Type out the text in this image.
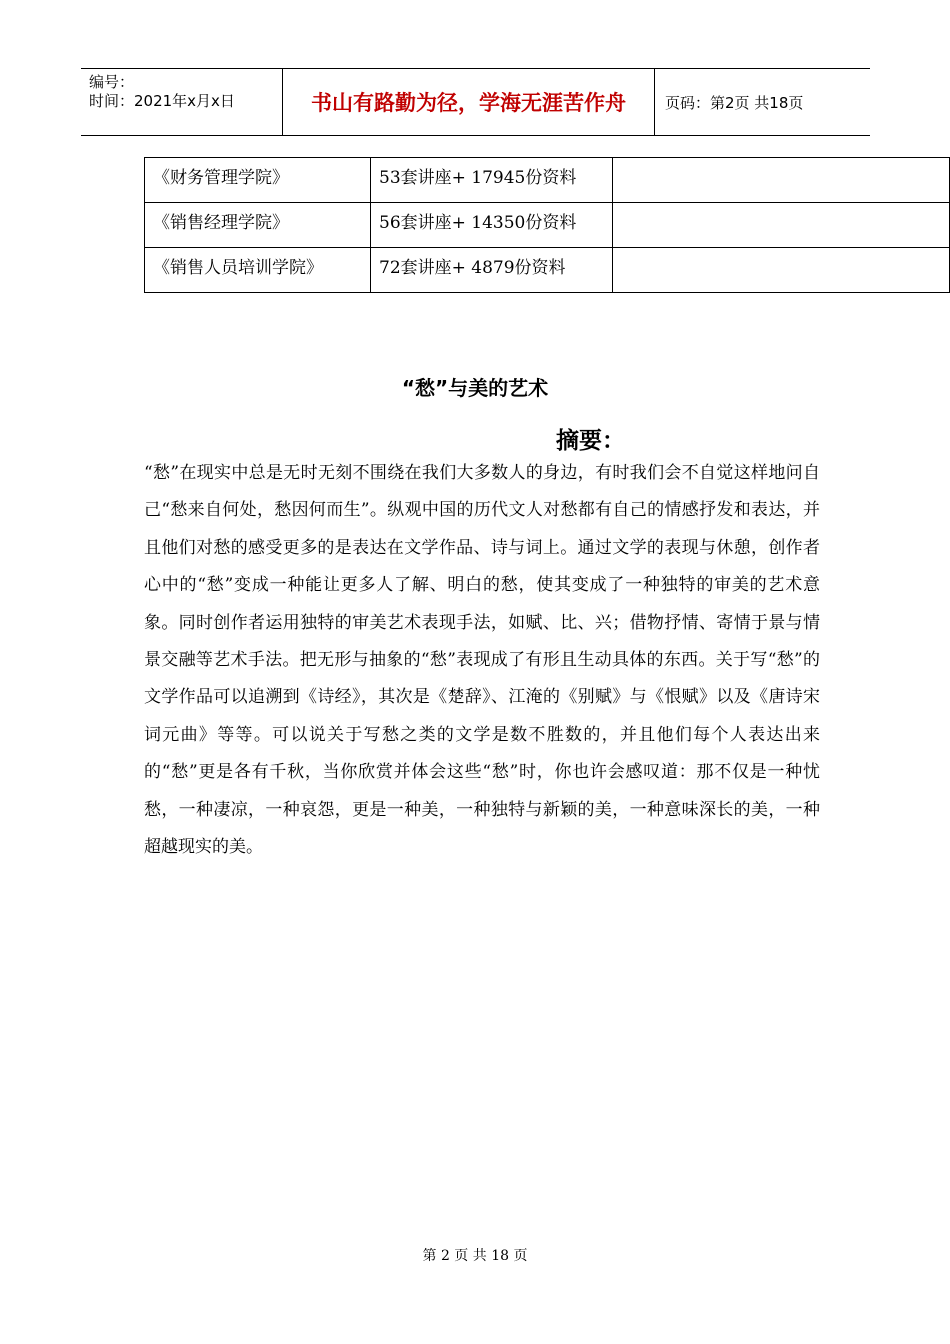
编号：
时间：2021年x月x日	书山有路勤为径，学海无涯苦作舟	页码：第2页 共18页
《财务管理学院》	53套讲座+ 17945份资料	
《销售经理学院》	56套讲座+ 14350份资料	
《销售人员培训学院》	72套讲座+ 4879份资料	
“愁”与美的艺术
摘要：

“愁”在现实中总是无时无刻不围绕在我们大多数人的身边，有时我们会不自觉这样地问自己“愁来自何处，愁因何而生”。纵观中国的历代文人对愁都有自己的情感抒发和表达，并且他们对愁的感受更多的是表达在文学作品、诗与词上。通过文学的表现与休憩，创作者心中的“愁”变成一种能让更多人了解、明白的愁，使其变成了一种独特的审美的艺术意象。同时创作者运用独特的审美艺术表现手法，如赋、比、兴；借物抒情、寄情于景与情景交融等艺术手法。把无形与抽象的“愁”表现成了有形且生动具体的东西。关于写“愁”的文学作品可以追溯到《诗经》，其次是《楚辞》、江淹的《别赋》与《恨赋》以及《唐诗宋词元曲》等等。可以说关于写愁之类的文学是数不胜数的，并且他们每个人表达出来的“愁”更是各有千秋，当你欣赏并体会这些“愁”时，你也许会感叹道：那不仅是一种忧愁，一种凄凉，一种哀怨，更是一种美，一种独特与新颖的美，一种意味深长的美，一种超越现实的美。

第 2 页 共 18 页
